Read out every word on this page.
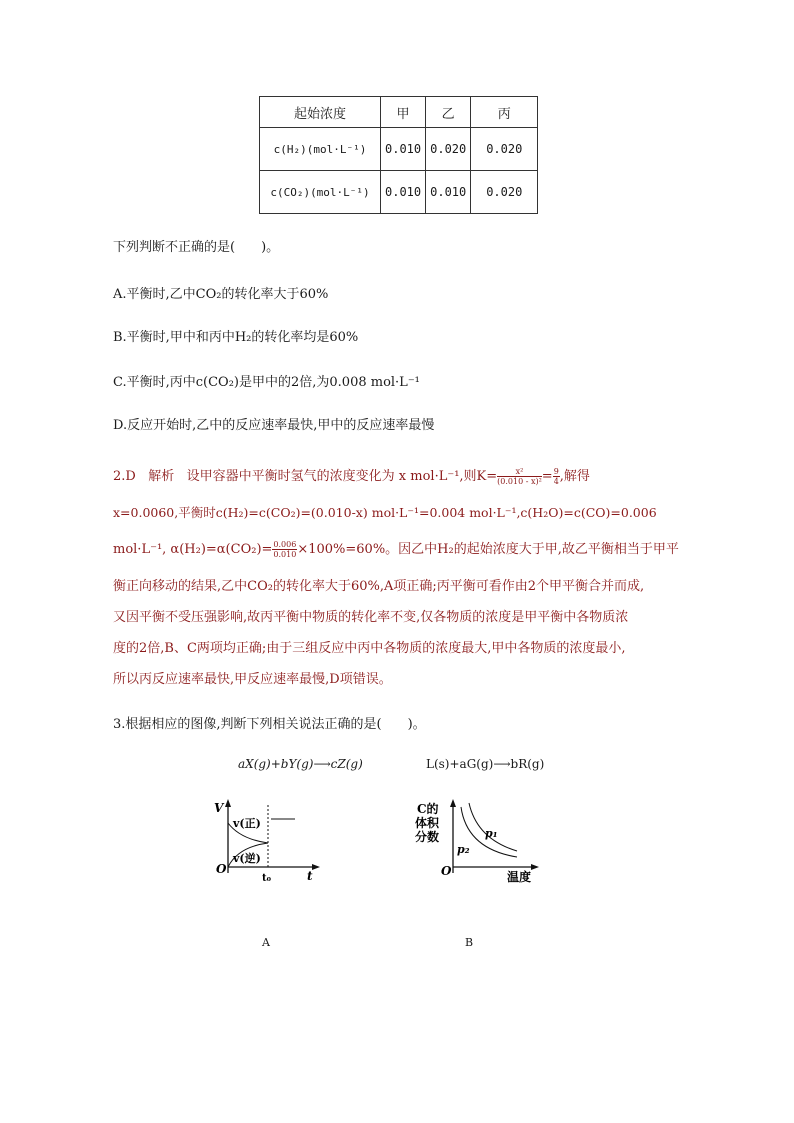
起始浓度	甲	乙	丙
c(H₂)(mol·L⁻¹)	0.010	0.020	0.020
c(CO₂)(mol·L⁻¹)	0.010	0.010	0.020
下列判断不正确的是(　　)。
A.平衡时,乙中CO₂的转化率大于60%
B.平衡时,甲中和丙中H₂的转化率均是60%
C.平衡时,丙中c(CO₂)是甲中的2倍,为0.008 mol·L⁻¹
D.反应开始时,乙中的反应速率最快,甲中的反应速率最慢
2.D 解析 设甲容器中平衡时氢气的浓度变化为 x mol·L⁻¹,则$K= \frac{\text{x²}}{\text{(0.010 - x)²}} = \frac{9}{4}$ ,解得
x=0.0060,平衡时c(H₂)=c(CO₂)=(0.010-x) mol·L⁻¹=0.004 mol·L⁻¹,c(H₂O)=c(CO)=0.006
mol·L⁻¹, $\alpha(H_2)=\alpha(CO_2)= \frac{0.006}{0.010} \times 100\%=60\%$。因乙中H₂的起始浓度大于甲,故乙平衡相当于甲平
衡正向移动的结果,乙中CO₂的转化率大于60%,A项正确;丙平衡可看作由2个甲平衡合并而成,
又因平衡不受压强影响,故丙平衡中物质的转化率不变,仅各物质的浓度是甲平衡中各物质浓
度的2倍,B、C两项均正确;由于三组反应中丙中各物质的浓度最大,甲中各物质的浓度最小,
所以丙反应速率最快,甲反应速率最慢,D项错误。
3.根据相应的图像,判断下列相关说法正确的是(　　)。
aX(g)+bY(g)⟶cZ(g)	L(s)+aG(g)⟶bR(g)
V
O	t
t₀
v(正)
v(逆)
C的
体积
分数
O	温度
p₁
p₂
A	B
